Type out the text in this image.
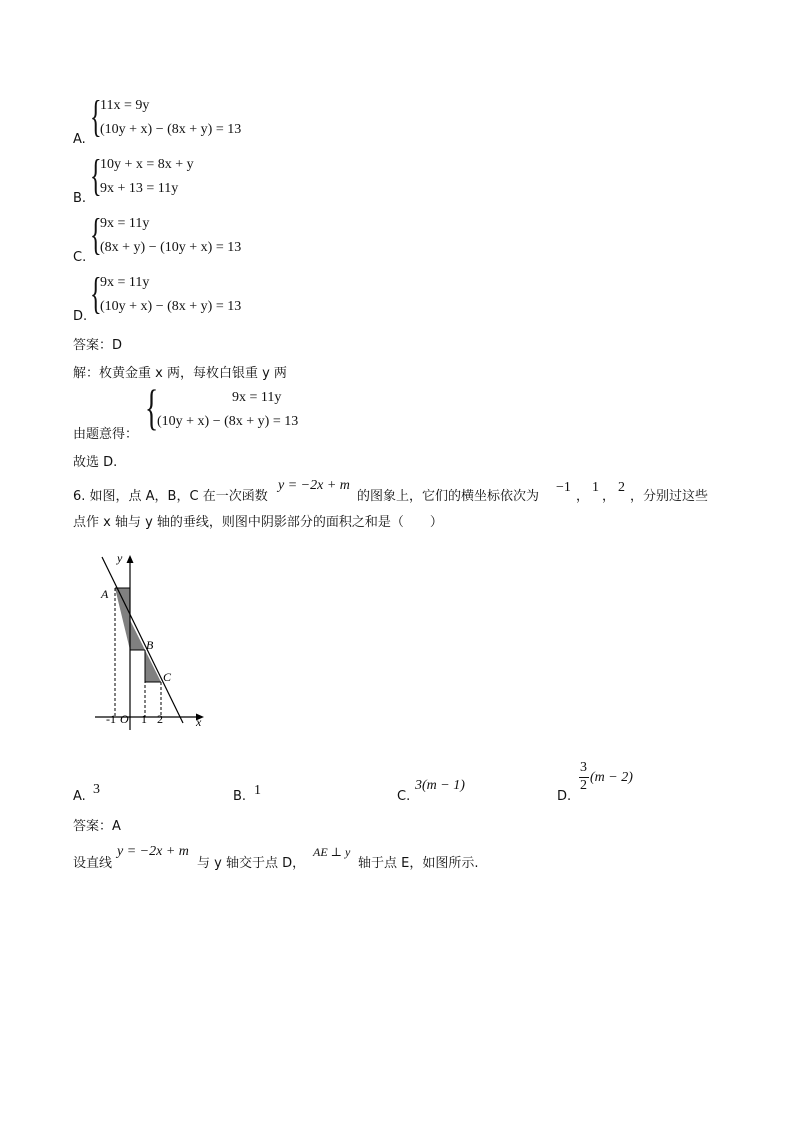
A. {
11x = 9y
(10y + x) − (8x + y) = 13
B. {
10y + x = 8x + y
9x + 13 = 11y
C. {
9x = 11y
(8x + y) − (10y + x) = 13
D. {
9x = 11y
(10y + x) − (8x + y) = 13
答案：D
解：枚黄金重 x 两，每枚白银重 y 两
由题意得： {	9x = 11y
(10y + x) − (8x + y) = 13
故选 D.
6. 如图，点 A，B，C 在一次函数
y = −2x + m
的图象上，它们的横坐标依次为
−1
，
1
，
2
，分别过这些
点作 x 轴与 y 轴的垂线，则图中阴影部分的面积之和是（　　）
y
x
A
B
C
-1 O 1 2
A. 3	B. 1	C.
3(m − 1)
D.
3
2
(m − 2)
答案：A
设直线
y = −2x + m
与 y 轴交于点 D，
AE ⊥ y
轴于点 E，如图所示.
